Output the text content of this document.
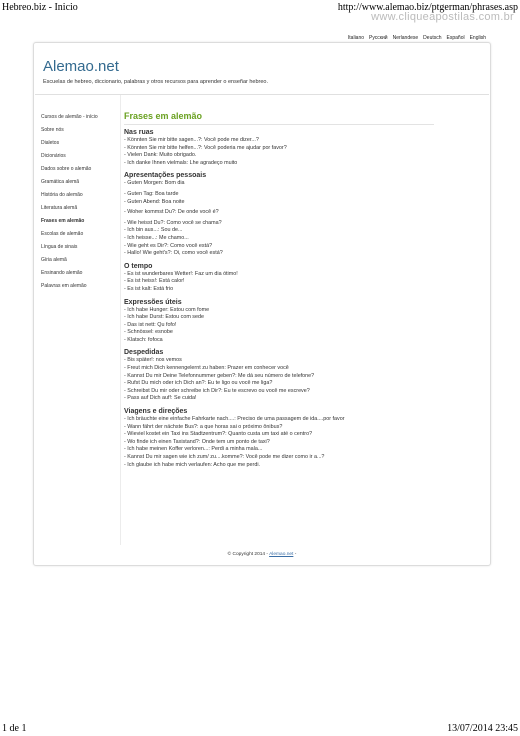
Hebreo.biz - Inicio	http://www.alemao.biz/ptgerman/phrases.asp
www.cliqueapostilas.com.br
Italiano Русский Nerlandese Deutsch Español English
Alemao.net
Escuelas de hebreo, diccionario, palabras y otros recursos para aprender o enseñar hebreo.
Cursos de alemão - início
Sobre nós
Dialetos
Dicionários
Dados sobre o alemão
Gramática alemã
História do alemão
Literatura alemã
Frases em alemão
Escolas de alemão
Língua de sinais
Gíria alemã
Ensinando alemão
Palavras em alemão
Frases em alemão
Nas ruas
- Könnten Sie mir bitte sagen...?: Você pode me dizer...?
- Könnten Sie mir bitte helfen...?: Você poderia me ajudar por favor?
- Vielen Dank: Muito obrigado.
- Ich danke Ihnen vielmals: Lhe agradeço muito
Apresentações pessoais
- Guten Morgen: Bom dia
- Guten Tag: Boa tarde
- Guten Abend: Boa noite
- Woher kommst Du?: De onde você é?
- Wie heisst Du?: Como você se chama?
- Ich bin aus...: Sou de...
- Ich heisse...: Me chamo...
- Wie geht es Dir?: Como você está?
- Hallo! Wie geht's?: Oi, como você está?
O tempo
- Es ist wunderbares Wetter!: Faz um dia ótimo!
- Es ist heiss!: Está calor!
- Es ist kalt: Está frio
Expressões úteis
- Ich habe Hunger: Estou com fome
- Ich habe Durst: Estou com sede
- Das ist nett: Qu fofo!
- Schnössel: esnobe
- Klatsch: fofoca
Despedidas
- Bis später!: nos vemos
- Freut mich Dich kennengelernt zu haben: Prazer em conhecer você
- Kannst Du mir Deine Telefonnummer geben?: Me dá seu número de telefone?
- Rufst Du mich oder ich Dich an?: Eu te ligo ou você me liga?
- Schreibst Du mir oder schreibe ich Dir?: Eu te escrevo ou você me escreve?
- Pass auf Dich auf!: Se cuida!
Viagens e direções
- Ich bräuchte eine einfache Fahrkarte nach....: Preciso de uma passagem de ida....por favor
- Wann fährt der nächste Bus?: a que horas sai o próximo ônibus?
- Wieviel kostet ein Taxi ins Stadtzentrum?: Quanto custa um taxi até o centro?
- Wo finde ich einen Taxistand?: Onde tem um ponto de taxi?
- Ich habe meinen Koffer verloren...: Perdi a minha mala...
- Kannst Du mir sagen wie ich zum/ zu....komme?: Você pode me dizer como ir a...?
- Ich glaube ich habe mich verlaufen: Acho que me perdi.
© Copyright 2014 - Alemao.net -
1 de 1	13/07/2014 23:45
